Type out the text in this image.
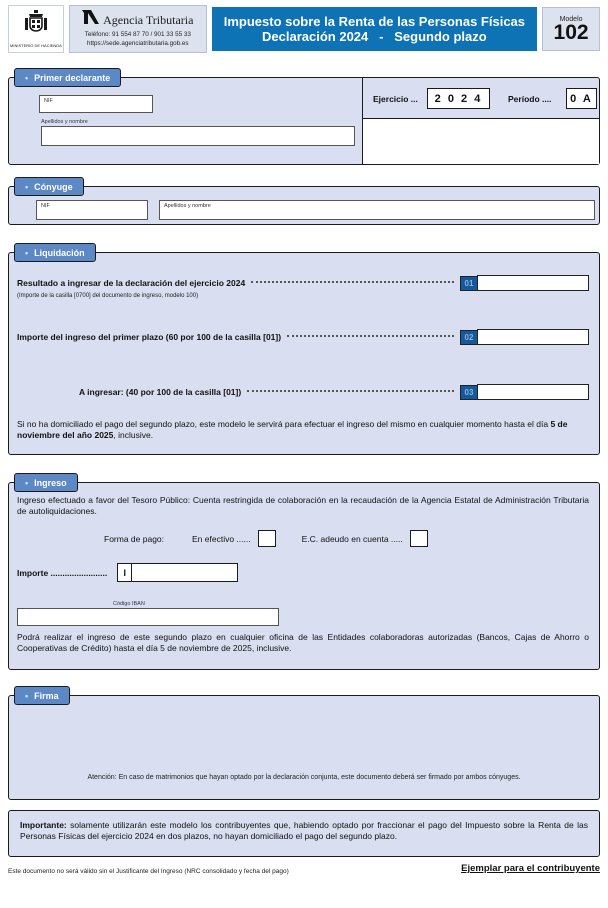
MINISTERIO DE HACIENDA
Agencia Tributaria
Teléfono: 91 554 87 70 / 901 33 55 33
https://sede.agenciatributaria.gob.es
Impuesto sobre la Renta de las Personas Físicas
Declaración 2024   -   Segundo plazo
Modelo
102
• Primer declarante
NIF
Apellidos y nombre
Ejercicio ...	2 0 2 4	Período ....	0 A
• Cónyuge
NIF	Apellidos y nombre
• Liquidación
Resultado a ingresar de la declaración del ejercicio 2024	01
(Importe de la casilla [0700] del documento de ingreso, modelo 100)
Importe del ingreso del primer plazo (60 por 100 de la casilla [01])	02
A ingresar: (40 por 100 de la casilla [01])	03
Si no ha domiciliado el pago del segundo plazo, este modelo le servirá para efectuar el ingreso del mismo en cualquier momento hasta el día 5 de noviembre del año 2025, inclusive.
• Ingreso
Ingreso efectuado a favor del Tesoro Público: Cuenta restringida de colaboración en la recaudación de la Agencia Estatal de Administración Tributaria de autoliquidaciones.
Forma de pago:	En efectivo ......	E.C. adeudo en cuenta .....
Importe ........................	I
Código IBAN
Podrá realizar el ingreso de este segundo plazo en cualquier oficina de las Entidades colaboradoras autorizadas (Bancos, Cajas de Ahorro o Cooperativas de Crédito) hasta el día 5 de noviembre de 2025, inclusive.
• Firma
Atención: En caso de matrimonios que hayan optado por la declaración conjunta, este documento deberá ser firmado por ambos cónyuges.
Importante: solamente utilizarán este modelo los contribuyentes que, habiendo optado por fraccionar el pago del Impuesto sobre la Renta de las Personas Físicas del ejercicio 2024 en dos plazos, no hayan domiciliado el pago del segundo plazo.
Este documento no será válido sin el Justificante del Ingreso (NRC consolidado y fecha del pago)	Ejemplar para el contribuyente
